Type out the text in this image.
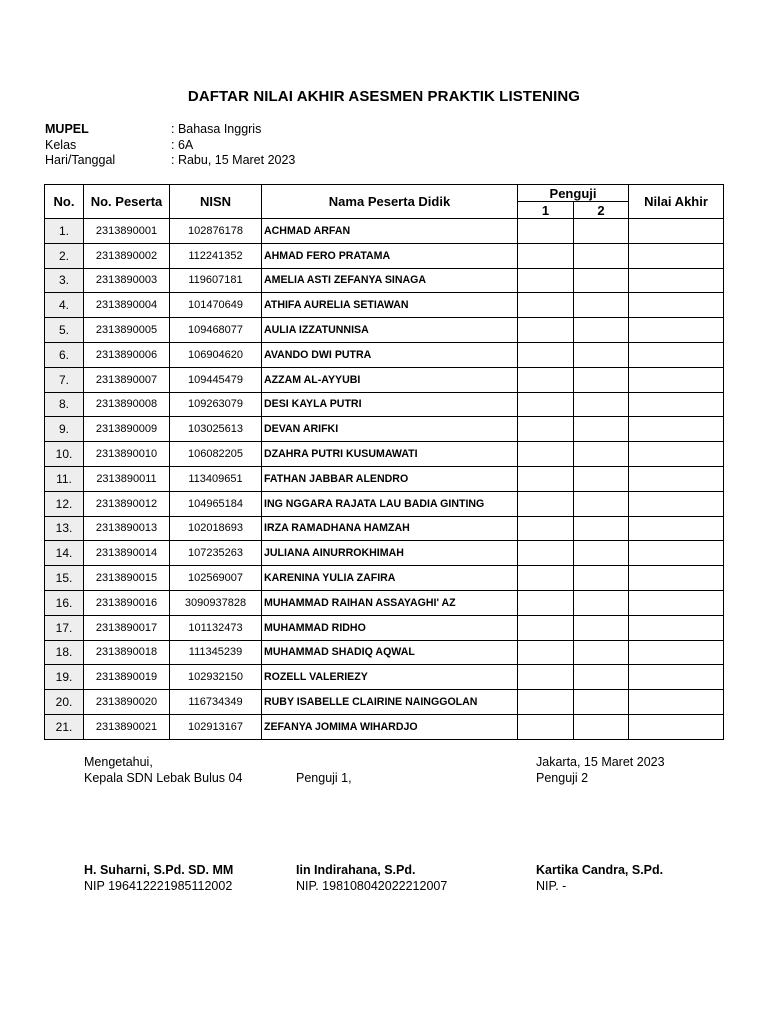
DAFTAR NILAI AKHIR ASESMEN PRAKTIK LISTENING
MUPEL	: Bahasa Inggris
Kelas	: 6A
Hari/Tanggal	: Rabu, 15 Maret 2023
No.	No. Peserta	NISN	Nama Peserta Didik	Penguji		Nilai Akhir
				1	2	
1.	2313890001	102876178	ACHMAD ARFAN			
2.	2313890002	112241352	AHMAD FERO PRATAMA			
3.	2313890003	119607181	AMELIA ASTI ZEFANYA SINAGA			
4.	2313890004	101470649	ATHIFA AURELIA SETIAWAN			
5.	2313890005	109468077	AULIA IZZATUNNISA			
6.	2313890006	106904620	AVANDO DWI PUTRA			
7.	2313890007	109445479	AZZAM AL-AYYUBI			
8.	2313890008	109263079	DESI KAYLA PUTRI			
9.	2313890009	103025613	DEVAN ARIFKI			
10.	2313890010	106082205	DZAHRA PUTRI KUSUMAWATI			
11.	2313890011	113409651	FATHAN JABBAR ALENDRO			
12.	2313890012	104965184	ING NGGARA RAJATA LAU BADIA GINTING			
13.	2313890013	102018693	IRZA RAMADHANA HAMZAH			
14.	2313890014	107235263	JULIANA AINURROKHIMAH			
15.	2313890015	102569007	KARENINA YULIA ZAFIRA			
16.	2313890016	3090937828	MUHAMMAD RAIHAN ASSAYAGHI' AZ			
17.	2313890017	101132473	MUHAMMAD RIDHO			
18.	2313890018	111345239	MUHAMMAD SHADIQ AQWAL			
19.	2313890019	102932150	ROZELL VALERIEZY			
20.	2313890020	116734349	RUBY ISABELLE CLAIRINE NAINGGOLAN			
21.	2313890021	102913167	ZEFANYA JOMIMA WIHARDJO			
Mengetahui,
Kepala SDN Lebak Bulus 04
H. Suharni, S.Pd. SD. MM
NIP 196412221985112002
Penguji 1,
Iin Indirahana, S.Pd.
NIP. 198108042022212007
Jakarta, 15 Maret 2023
Penguji 2
Kartika Candra, S.Pd.
NIP. -
